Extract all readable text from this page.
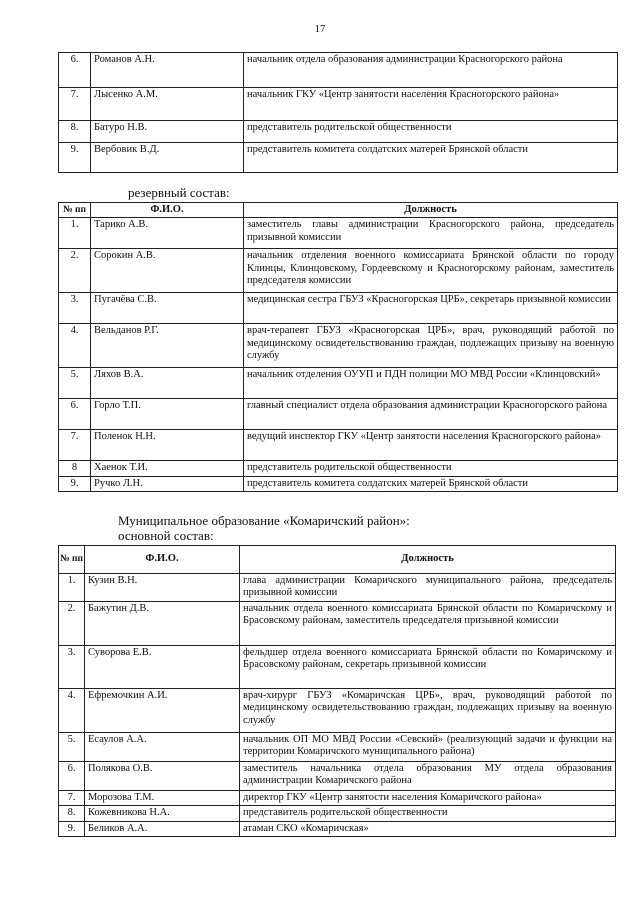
17
6.	Романов А.Н.	начальник отдела образования администрации Красногорского района
7.	Лысенко А.М.	начальник ГКУ «Центр занятости населения Красногорского района»
8.	Батуро Н.В.	представитель родительской общественности
9.	Вербовик В.Д.	представитель комитета солдатских матерей Брянской области
резервный состав:
№ пп	Ф.И.О.	Должность
1.	Тарико А.В.	заместитель главы администрации Красногорского района, председатель призывной комиссии
2.	Сорокин А.В.	начальник отделения военного комиссариата Брянской области по городу Клинцы, Клинцовскому, Гордеевскому и Красногорскому районам, заместитель председателя комиссии
3.	Пугачёва С.В.	медицинская сестра ГБУЗ «Красногорская ЦРБ», секретарь призывной комиссии
4.	Вельданов Р.Г.	врач-терапевт ГБУЗ «Красногорская ЦРБ», врач, руководящий работой по медицинскому освидетельствованию граждан, подлежащих призыву на военную службу
5.	Ляхов В.А.	начальник отделения ОУУП и ПДН полиции МО МВД России «Клинцовский»
6.	Горло Т.П.	главный специалист отдела образования администрации Красногорского района
7.	Поленок Н.Н.	ведущий инспектор ГКУ «Центр занятости населения Красногорского района»
8	Хаенок Т.И.	представитель родительской общественности
9.	Ручко Л.Н.	представитель комитета солдатских матерей Брянской области
Муниципальное образование «Комаричский район»:
основной состав:
№ пп	Ф.И.О.	Должность
1.	Кузин В.Н.	глава администрации Комаричского муниципального района, председатель призывной комиссии
2.	Бажутин Д.В.	начальник отдела военного комиссариата Брянской области по Комаричскому и Брасовскому районам, заместитель председателя призывной комиссии
3.	Суворова Е.В.	фельдшер отдела военного комиссариата Брянской области по Комаричскому и Брасовскому районам, секретарь призывной комиссии
4.	Ефремочкин А.И.	врач-хирург ГБУЗ «Комаричская ЦРБ», врач, руководящий работой по медицинскому освидетельствованию граждан, подлежащих призыву на военную службу
5.	Есаулов А.А.	начальник ОП МО МВД России «Севский» (реализующий задачи и функции на территории Комаричского муниципального района)
6.	Полякова О.В.	заместитель начальника отдела образования МУ отдела образования администрации Комаричского района
7.	Морозова Т.М.	директор ГКУ «Центр занятости населения Комаричского района»
8.	Кожевникова Н.А.	представитель родительской общественности
9.	Беликов А.А.	атаман СКО «Комаричская»
